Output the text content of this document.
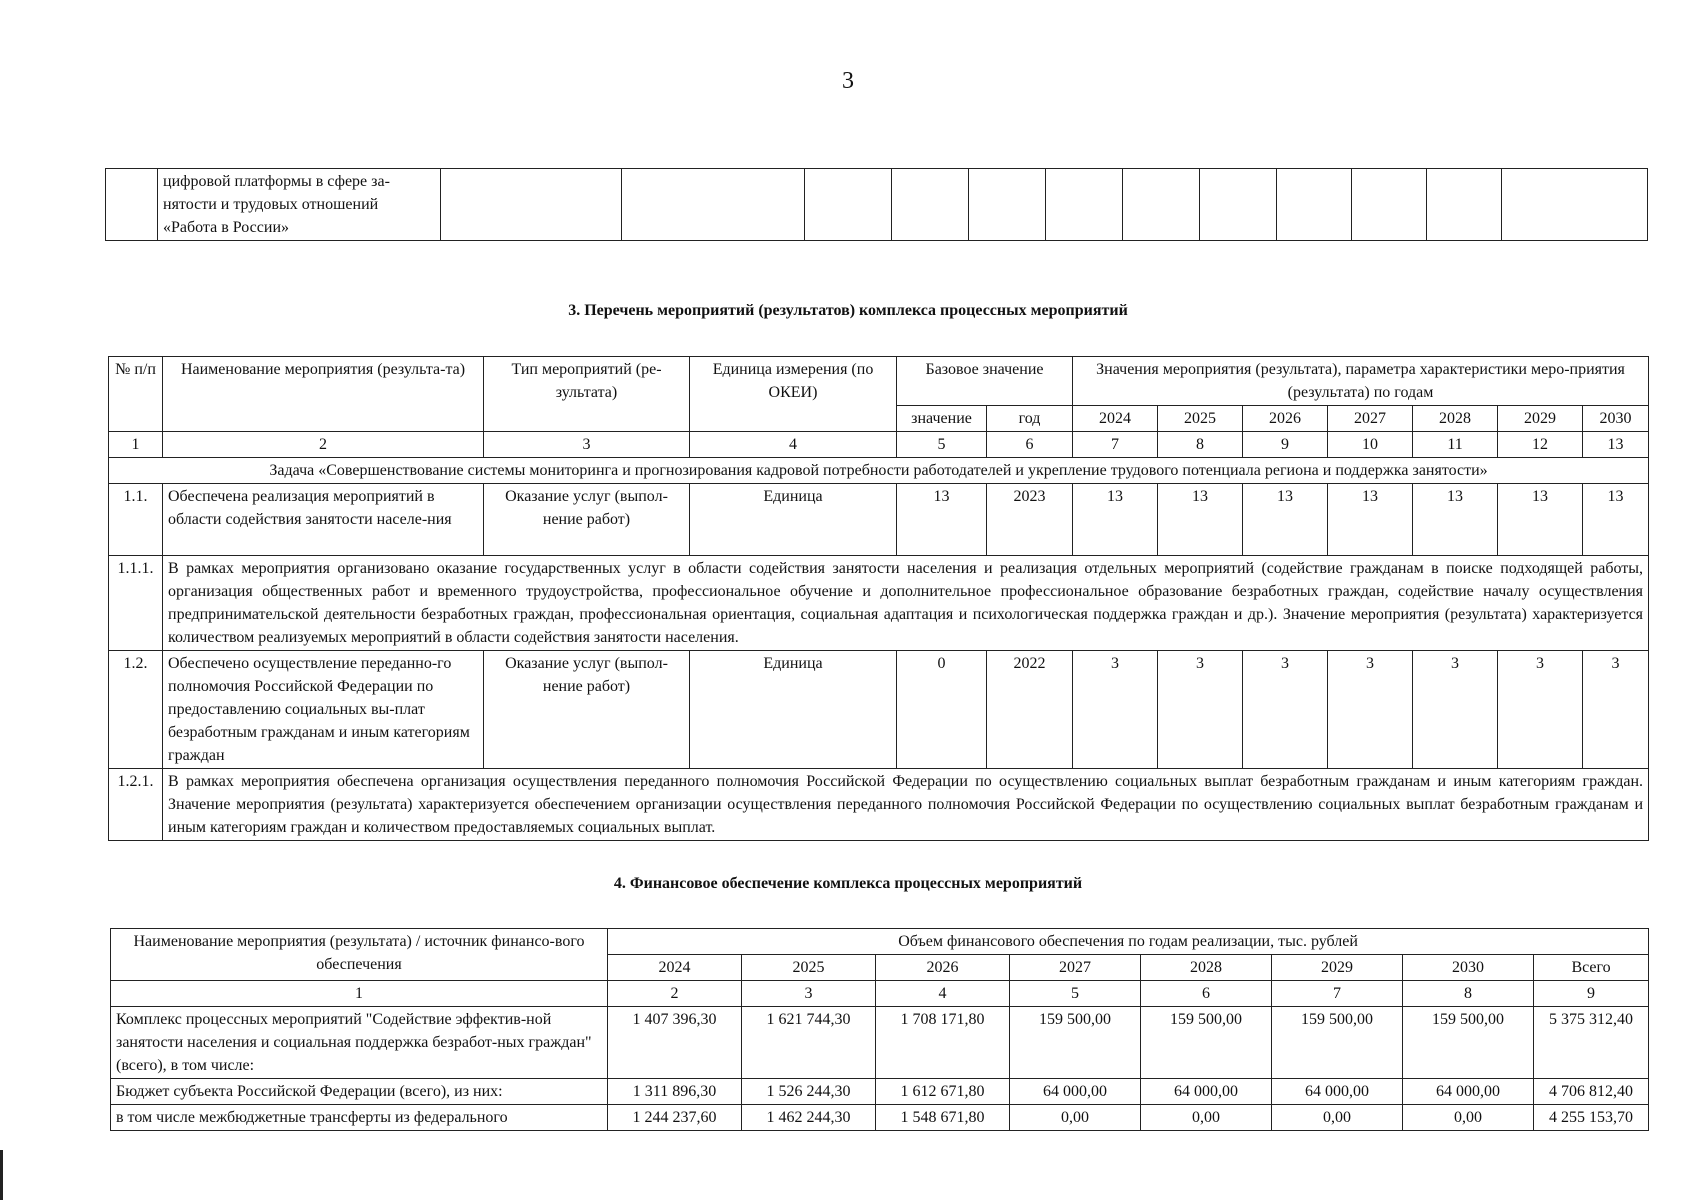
3

цифровой платформы в сфере за-
нятости и трудовых отношений
«Работа в России»

3. Перечень мероприятий (результатов) комплекса процессных мероприятий
№ п/п	Наименование мероприятия (результа-та)	Тип мероприятий (ре-зультата)	Единица измерения (по ОКЕИ)	Базовое значение		Значения мероприятия (результата), параметра характеристики меро-приятия (результата) по годам						
				значение	год	2024	2025	2026	2027	2028	2029	2030
1	2	3	4	5	6	7	8	9	10	11	12	13
Задача «Совершенствование системы мониторинга и прогнозирования кадровой потребности работодателей и укрепление трудового потенциала региона и поддержка занятости»												
1.1.	Обеспечена реализация мероприятий в области содействия занятости населе-ния	Оказание услуг (выпол-нение работ)	Единица	13	2023	13	13	13	13	13	13	13
1.1.1.	В рамках мероприятия организовано оказание государственных услуг в области содействия занятости населения и реализация отдельных мероприятий (содействие гражданам в поиске подходящей работы, организация общественных работ и временного трудоустройства, профессиональное обучение и дополнительное профессиональное образование безработных граждан, содействие началу осуществления предпринимательской деятельности безработных граждан, профессиональная ориентация, социальная адаптация и психологическая поддержка граждан и др.). Значение мероприятия (результата) характеризуется количеством реализуемых мероприятий в области содействия занятости населения.											
1.2.	Обеспечено осуществление переданно-го полномочия Российской Федерации по предоставлению социальных вы-плат безработным гражданам и иным категориям граждан	Оказание услуг (выпол-нение работ)	Единица	0	2022	3	3	3	3	3	3	3
1.2.1.	В рамках мероприятия обеспечена организация осуществления переданного полномочия Российской Федерации по осуществлению социальных выплат безработным гражданам и иным категориям граждан. Значение мероприятия (результата) характеризуется обеспечением организации осуществления переданного полномочия Российской Федерации по осуществлению социальных выплат безработным гражданам и иным категориям граждан и количеством предоставляемых социальных выплат.											
4. Финансовое обеспечение комплекса процессных мероприятий
Наименование мероприятия (результата) / источник финансо-вого обеспечения	Объем финансового обеспечения по годам реализации, тыс. рублей							
	2024	2025	2026	2027	2028	2029	2030	Всего
1	2	3	4	5	6	7	8	9
Комплекс процессных мероприятий "Содействие эффектив-ной занятости населения и социальная поддержка безработ-ных граждан" (всего), в том числе:	1 407 396,30	1 621 744,30	1 708 171,80	159 500,00	159 500,00	159 500,00	159 500,00	5 375 312,40
Бюджет субъекта Российской Федерации (всего), из них:	1 311 896,30	1 526 244,30	1 612 671,80	64 000,00	64 000,00	64 000,00	64 000,00	4 706 812,40
в том числе межбюджетные трансферты из федерального	1 244 237,60	1 462 244,30	1 548 671,80	0,00	0,00	0,00	0,00	4 255 153,70
